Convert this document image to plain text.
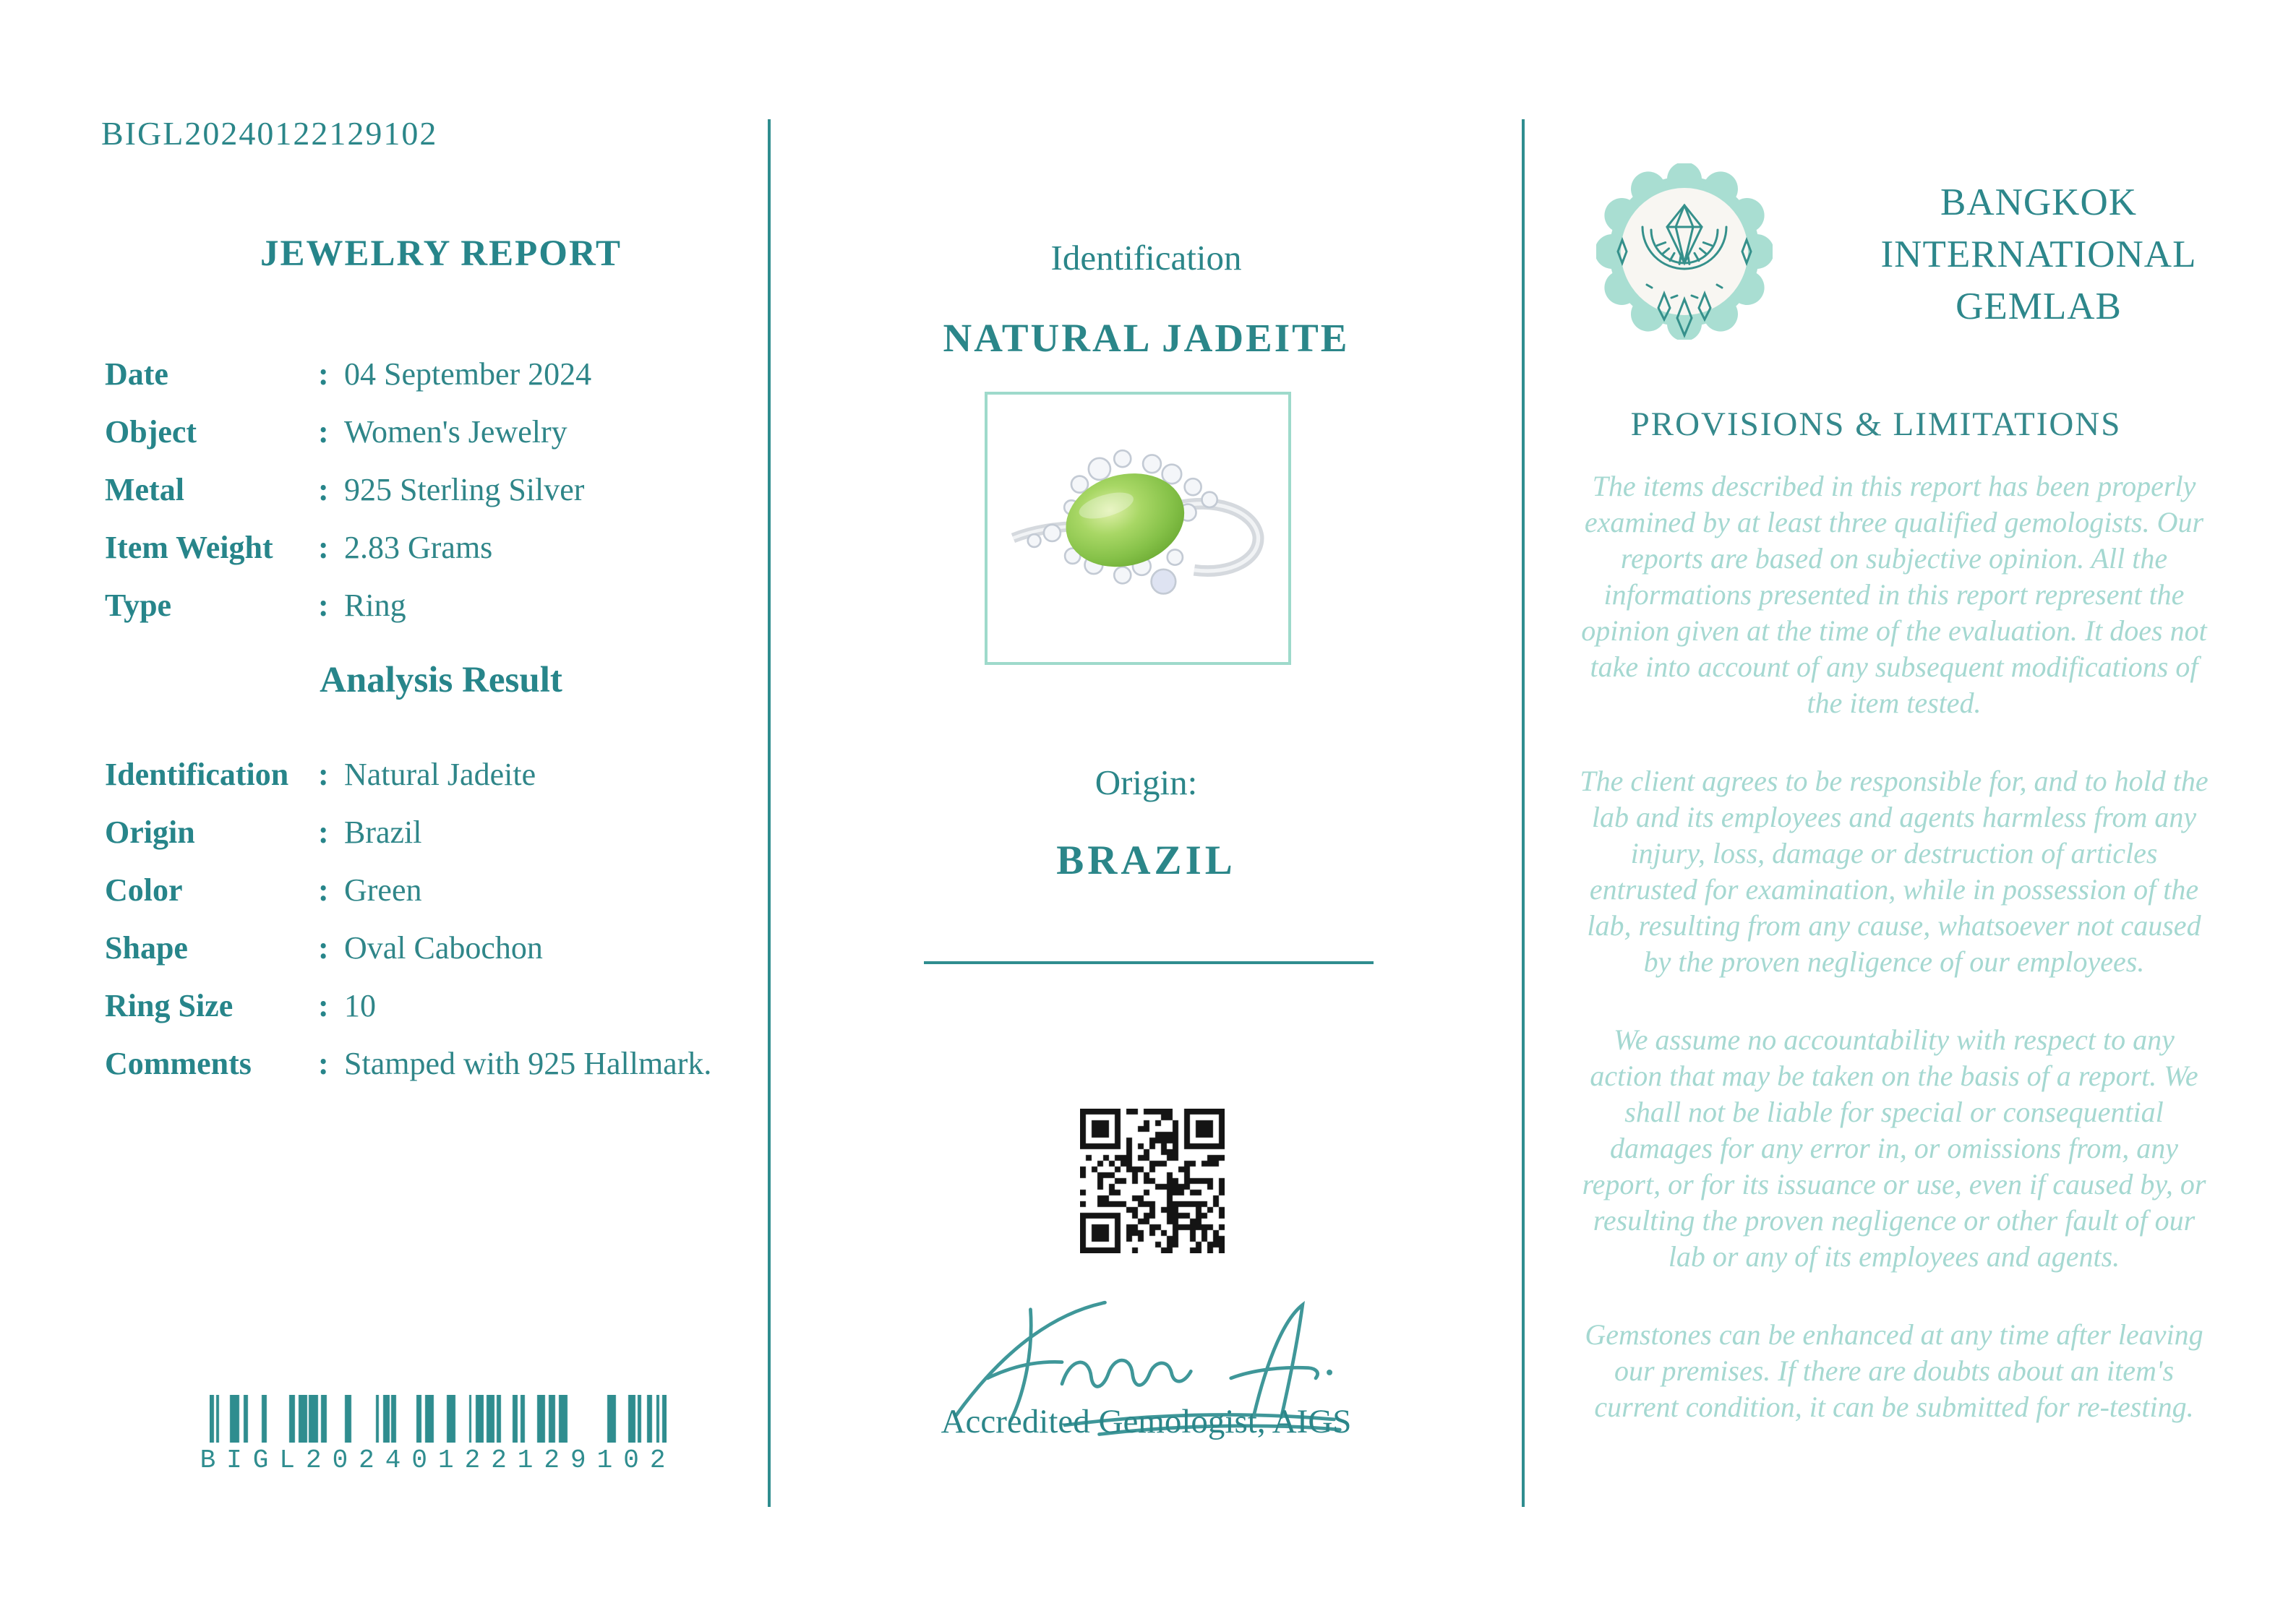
BIGL20240122129102
JEWELRY REPORT
Date	: 04 September 2024
Object	: Women's Jewelry
Metal	: 925 Sterling Silver
Item Weight : 2.83 Grams
Type	: Ring
Analysis Result
Identification : Natural Jadeite
Origin	: Brazil
Color	: Green
Shape	: Oval Cabochon
Ring Size	: 10
Comments : Stamped with 925 Hallmark.
BIGL20240122129102
Identification
NATURAL JADEITE
Origin:
BRAZIL
Accredited Gemologist, AIGS
BANGKOK
INTERNATIONAL
GEMLAB
PROVISIONS & LIMITATIONS

The items described in this report has been properly examined by at least three qualified gemologists. Our reports are based on subjective opinion. All the informations presented in this report represent the opinion given at the time of the evaluation. It does not take into account of any subsequent modifications of the item tested.

The client agrees to be responsible for, and to hold the lab and its employees and agents harmless from any injury, loss, damage or destruction of articles entrusted for examination, while in possession of the lab, resulting from any cause, whatsoever not caused by the proven negligence of our employees.

We assume no accountability with respect to any action that may be taken on the basis of a report. We shall not be liable for special or consequential damages for any error in, or omissions from, any report, or for its issuance or use, even if caused by, or resulting the proven negligence or other fault of our lab or any of its employees and agents.

Gemstones can be enhanced at any time after leaving our premises. If there are doubts about an item's current condition, it can be submitted for re-testing.
